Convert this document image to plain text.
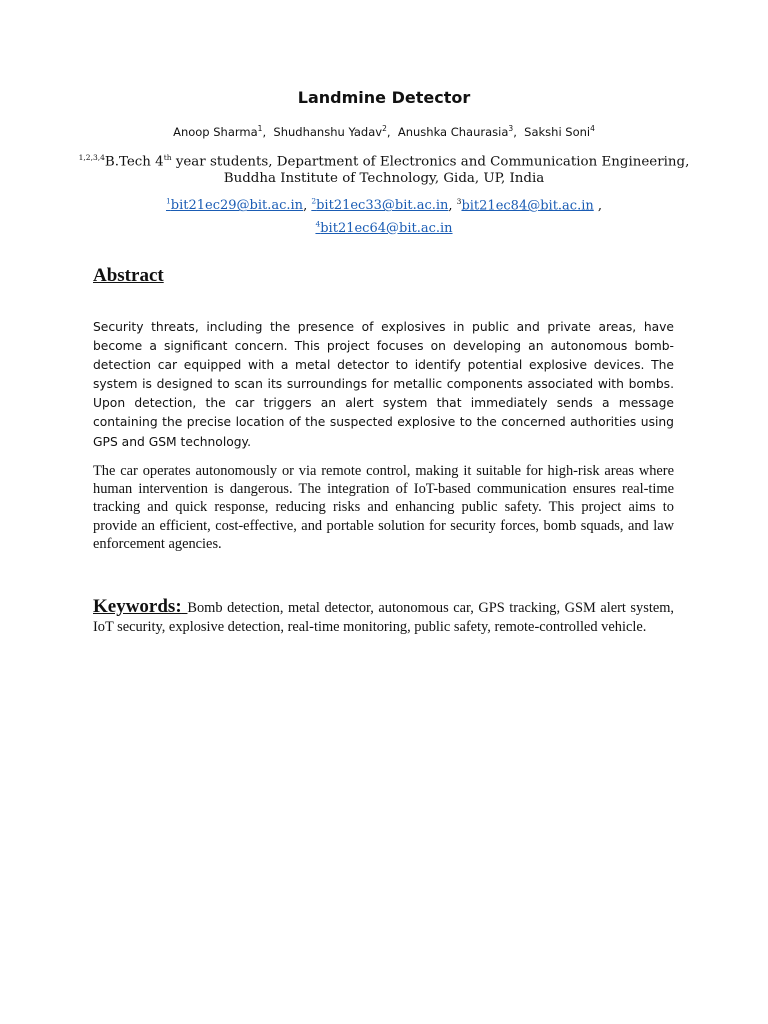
Landmine Detector
Anoop Sharma$^1$,  Shudhanshu Yadav$^2$,  Anushka Chaurasia$^3$,  Sakshi Soni$^4$
$^{1,2,3,4}$B.Tech 4th year students, Department of Electronics and Communication Engineering, Buddha Institute of Technology, Gida, UP, India
$^1$bit21ec29@bit.ac.in, $^2$bit21ec33@bit.ac.in, $^3$bit21ec84@bit.ac.in ,
$^4$bit21ec64@bit.ac.in
Abstract
Security threats, including the presence of explosives in public and private areas, have become a significant concern. This project focuses on developing an autonomous bomb-detection car equipped with a metal detector to identify potential explosive devices. The system is designed to scan its surroundings for metallic components associated with bombs. Upon detection, the car triggers an alert system that immediately sends a message containing the precise location of the suspected explosive to the concerned authorities using GPS and GSM technology.
The car operates autonomously or via remote control, making it suitable for high-risk areas where human intervention is dangerous. The integration of IoT-based communication ensures real-time tracking and quick response, reducing risks and enhancing public safety. This project aims to provide an efficient, cost-effective, and portable solution for security forces, bomb squads, and law enforcement agencies.
Keywords: Bomb detection, metal detector, autonomous car, GPS tracking, GSM alert system, IoT security, explosive detection, real-time monitoring, public safety, remote-controlled vehicle.
